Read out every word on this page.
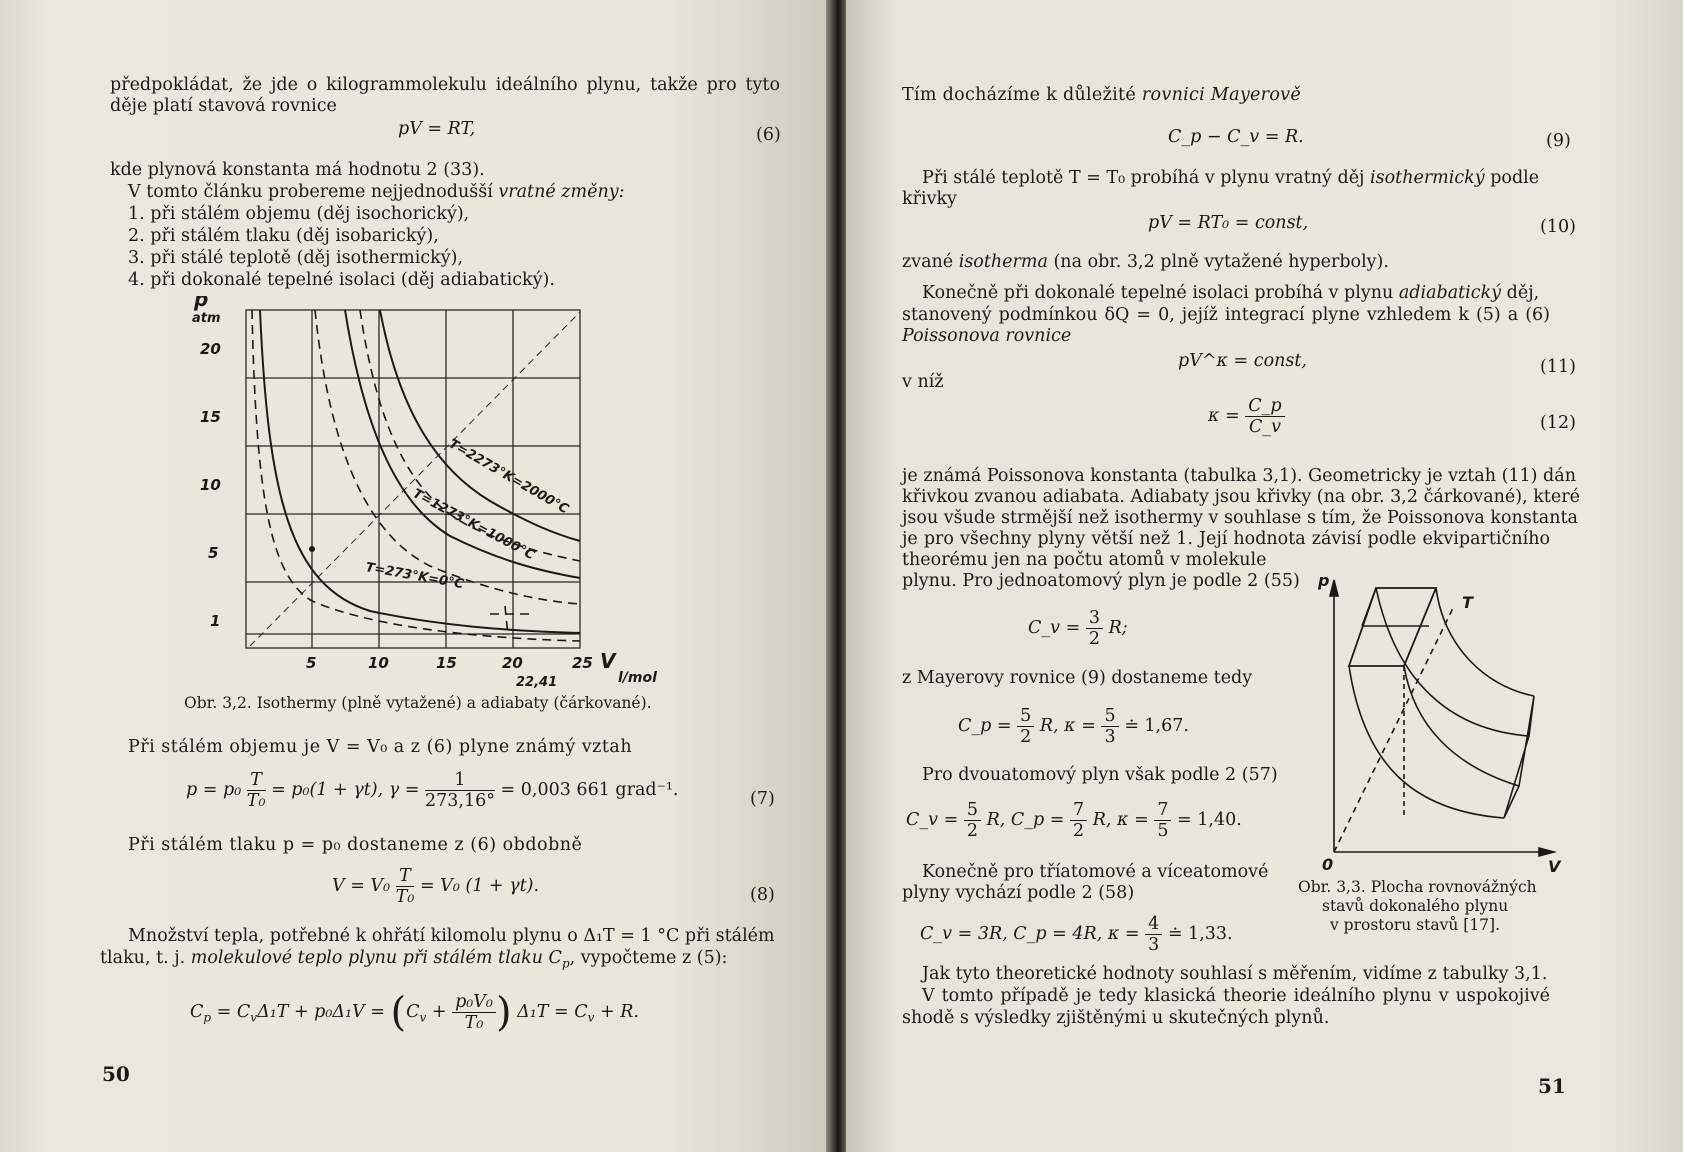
předpokládat, že jde o kilogrammolekulu ideálního plynu, takže pro tyto
děje platí stavová rovnice
pV = RT,	(6)
kde plynová konstanta má hodnotu 2 (33).
V tomto článku probereme nejjednodušší vratné změny:
1. při stálém objemu (děj isochorický),
2. při stálém tlaku (děj isobarický),
3. při stálé teplotě (děj isothermický),
4. při dokonalé tepelné isolaci (děj adiabatický).
p
atm
20
15
10
5
1
5	10	15	20	25 V
l/mol
22,41
T=2273°K=2000°C
T=1273°K=1000°C
T=273°K=0°C
Obr. 3,2. Isothermy (plně vytažené) a adiabaty (čárkované).
Při stálém objemu je V = V₀ a z (6) plyne známý vztah
$p = p_0 \frac{T}{\text{T₀}} = p_0(1 + \gamma t)$, $\gamma = \frac{1}{273,16^\circ} = 0,003$ 661 grad⁻¹.	(7)
Při stálém tlaku p = p₀ dostaneme z (6) obdobně
$V = V_0 \frac{T}{\text{T₀}} = V_0$ (1 + γt).	(8)
Množství tepla, potřebné k ohřátí kilomolu plynu o Δ₁T = 1 °C při stálém
tlaku, t. j. molekulové teplo plynu při stálém tlaku $C_p$, vypočteme z (5):
$C_p = C_v\Delta_1T + p_0\Delta_1V = (C_v + \frac{\text{p₀V₀}}{\text{T₀}}$ ) $\Delta_1T = C_v + R$.
50
Tím docházíme k důležité rovnici Mayerově
C_p − C_v = R.	(9)
Při stálé teplotě T = T₀ probíhá v plynu vratný děj isothermický podle
křivky
pV = RT₀ = const,	(10)
zvané isotherma (na obr. 3,2 plně vytažené hyperboly).
Konečně při dokonalé tepelné isolaci probíhá v plynu adiabatický děj,
stanovený podmínkou δQ = 0, jejíž integrací plyne vzhledem k (5) a (6)
Poissonova rovnice
pV^κ = const,	(11)
v níž
$\kappa = \frac{C\_p}{C\_v}$	(12)
je známá Poissonova konstanta (tabulka 3,1). Geometricky je vztah (11) dán
křivkou zvanou adiabata. Adiabaty jsou křivky (na obr. 3,2 čárkované), které
jsou všude strmější než isothermy v souhlase s tím, že Poissonova konstanta
je pro všechny plyny větší než 1. Její hodnota závisí podle ekvipartičního
theorému jen na počtu atomů v molekule
plynu. Pro jednoatomový plyn je podle 2 (55)
C_v = $\frac{3}{2} R$;
z Mayerovy rovnice (9) dostaneme tedy
C_p = $\frac{5}{2} R$, $\kappa = \frac{5}{3}$ ≐ 1,67.
Pro dvouatomový plyn však podle 2 (57)
C_v = $\frac{5}{2} R$, C_p = $\frac{7}{2} R$, $\kappa = \frac{7}{5} = 1,40$.
Konečně pro tříatomové a víceatomové
plyny vychází podle 2 (58)
C_v = 3R, C_p = 4R, $\kappa = \frac{4}{3}$ ≐ 1,33.
p
T
0	V
Obr. 3,3. Plocha rovnovážných
stavů dokonalého plynu
v prostoru stavů [17].
Jak tyto theoretické hodnoty souhlasí s měřením, vidíme z tabulky 3,1.
V tomto případě je tedy klasická theorie ideálního plynu v uspokojivé
shodě s výsledky zjištěnými u skutečných plynů.
51
